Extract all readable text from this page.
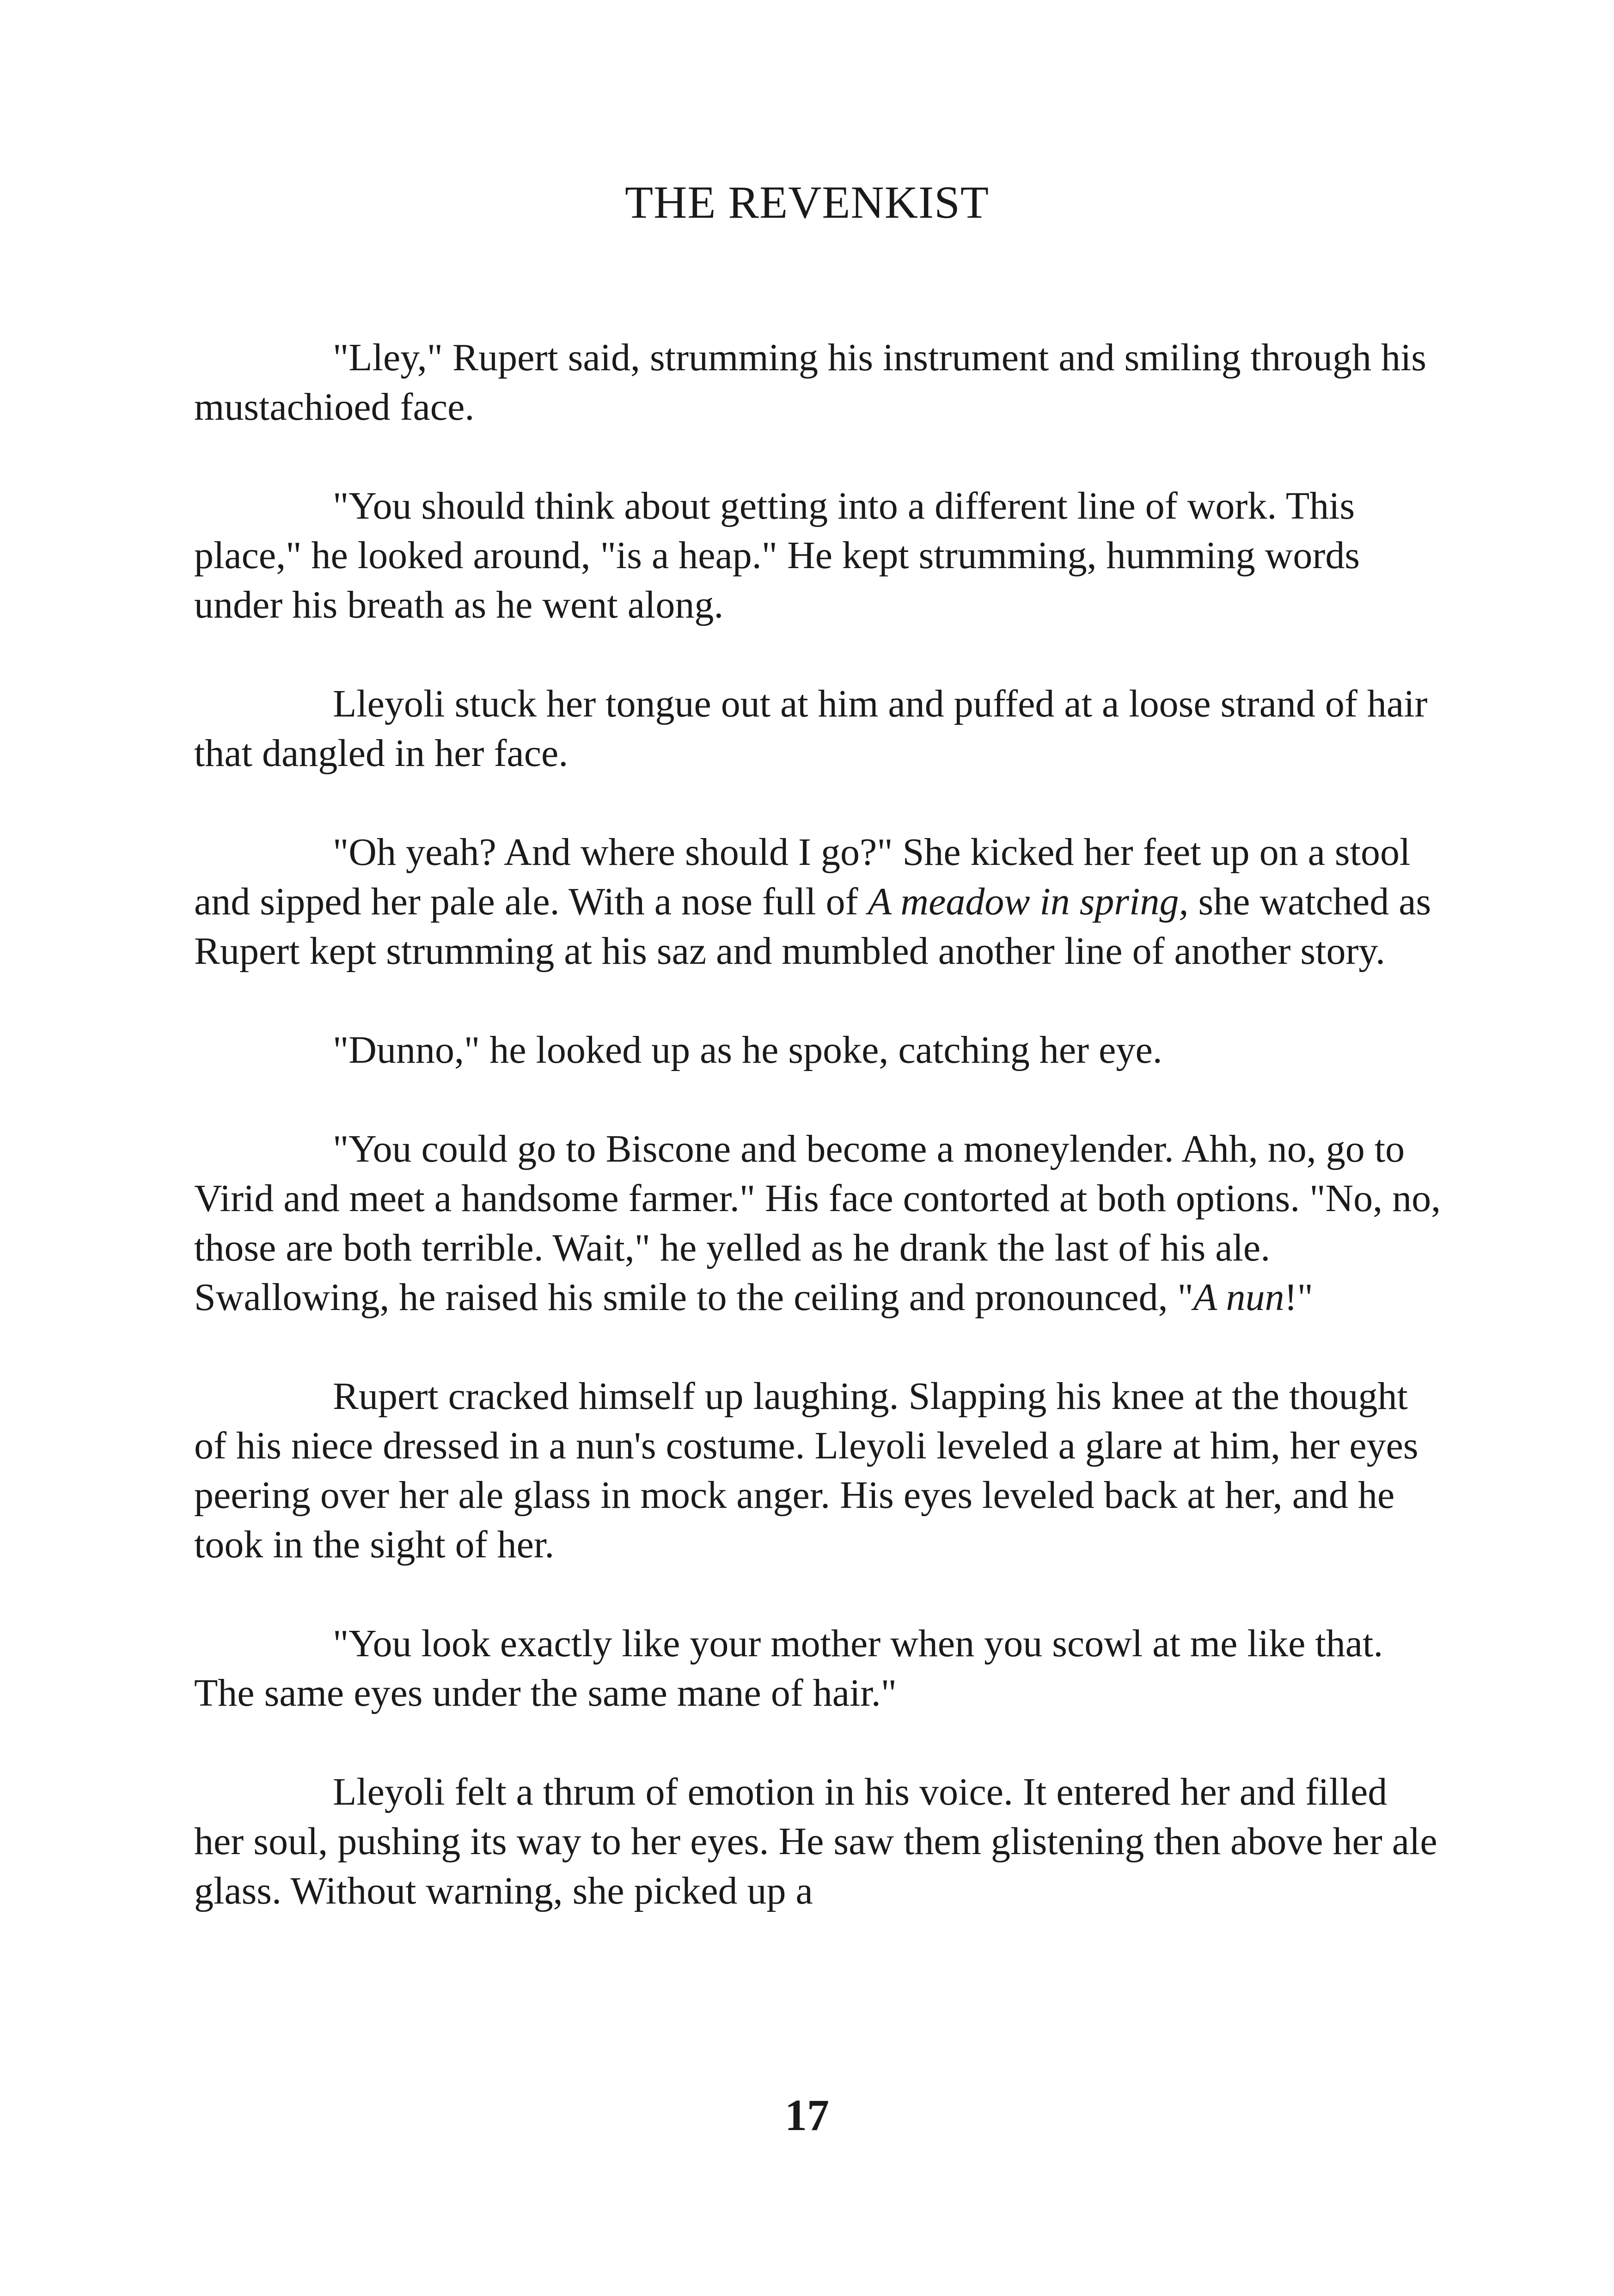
THE REVENKIST

"Lley," Rupert said, strumming his instrument and smiling through his mustachioed face.

"You should think about getting into a different line of work. This place," he looked around, "is a heap." He kept strumming, humming words under his breath as he went along.

Lleyoli stuck her tongue out at him and puffed at a loose strand of hair that dangled in her face.

"Oh yeah? And where should I go?" She kicked her feet up on a stool and sipped her pale ale. With a nose full of A meadow in spring, she watched as Rupert kept strumming at his saz and mumbled another line of another story.

"Dunno," he looked up as he spoke, catching her eye.

"You could go to Biscone and become a moneylender. Ahh, no, go to Virid and meet a handsome farmer." His face contorted at both options. "No, no, those are both terrible. Wait," he yelled as he drank the last of his ale. Swallowing, he raised his smile to the ceiling and pronounced, "A nun!"

Rupert cracked himself up laughing. Slapping his knee at the thought of his niece dressed in a nun's costume. Lleyoli leveled a glare at him, her eyes peering over her ale glass in mock anger. His eyes leveled back at her, and he took in the sight of her.

"You look exactly like your mother when you scowl at me like that. The same eyes under the same mane of hair."

Lleyoli felt a thrum of emotion in his voice. It entered her and filled her soul, pushing its way to her eyes. He saw them glistening then above her ale glass. Without warning, she picked up a

17
